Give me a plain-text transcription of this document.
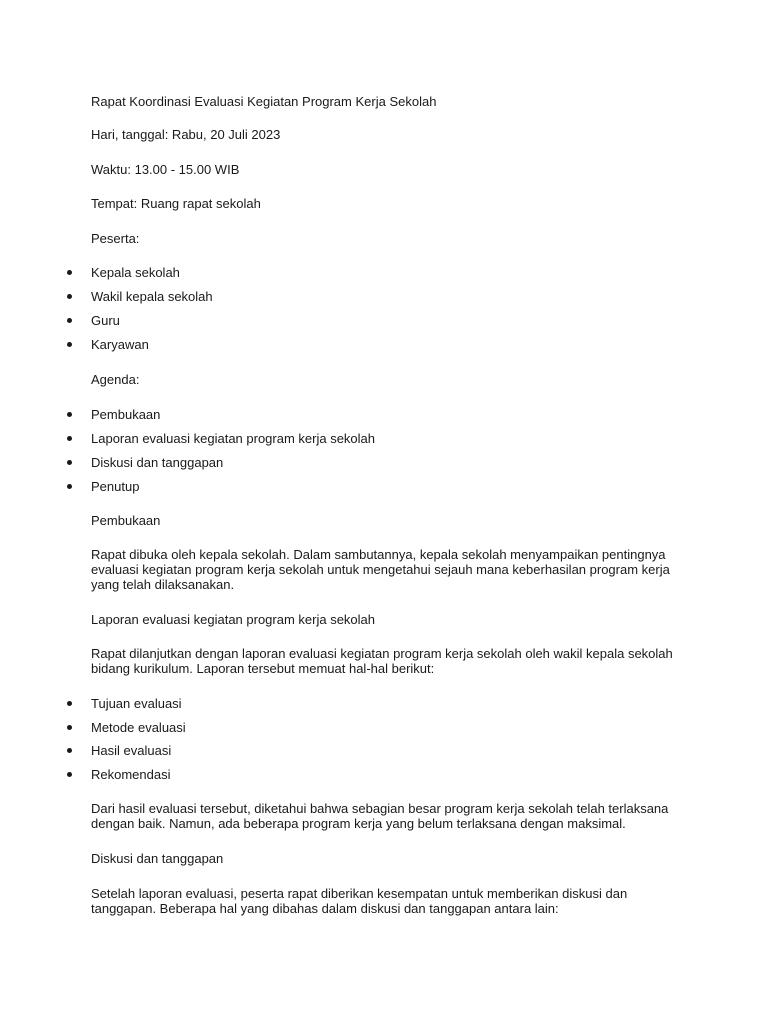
Rapat Koordinasi Evaluasi Kegiatan Program Kerja Sekolah
Hari, tanggal: Rabu, 20 Juli 2023
Waktu: 13.00 - 15.00 WIB
Tempat: Ruang rapat sekolah
Peserta:
Kepala sekolah
Wakil kepala sekolah
Guru
Karyawan
Agenda:
Pembukaan
Laporan evaluasi kegiatan program kerja sekolah
Diskusi dan tanggapan
Penutup
Pembukaan
Rapat dibuka oleh kepala sekolah. Dalam sambutannya, kepala sekolah menyampaikan pentingnya evaluasi kegiatan program kerja sekolah untuk mengetahui sejauh mana keberhasilan program kerja yang telah dilaksanakan.
Laporan evaluasi kegiatan program kerja sekolah
Rapat dilanjutkan dengan laporan evaluasi kegiatan program kerja sekolah oleh wakil kepala sekolah bidang kurikulum. Laporan tersebut memuat hal-hal berikut:
Tujuan evaluasi
Metode evaluasi
Hasil evaluasi
Rekomendasi
Dari hasil evaluasi tersebut, diketahui bahwa sebagian besar program kerja sekolah telah terlaksana dengan baik. Namun, ada beberapa program kerja yang belum terlaksana dengan maksimal.
Diskusi dan tanggapan
Setelah laporan evaluasi, peserta rapat diberikan kesempatan untuk memberikan diskusi dan tanggapan. Beberapa hal yang dibahas dalam diskusi dan tanggapan antara lain:
